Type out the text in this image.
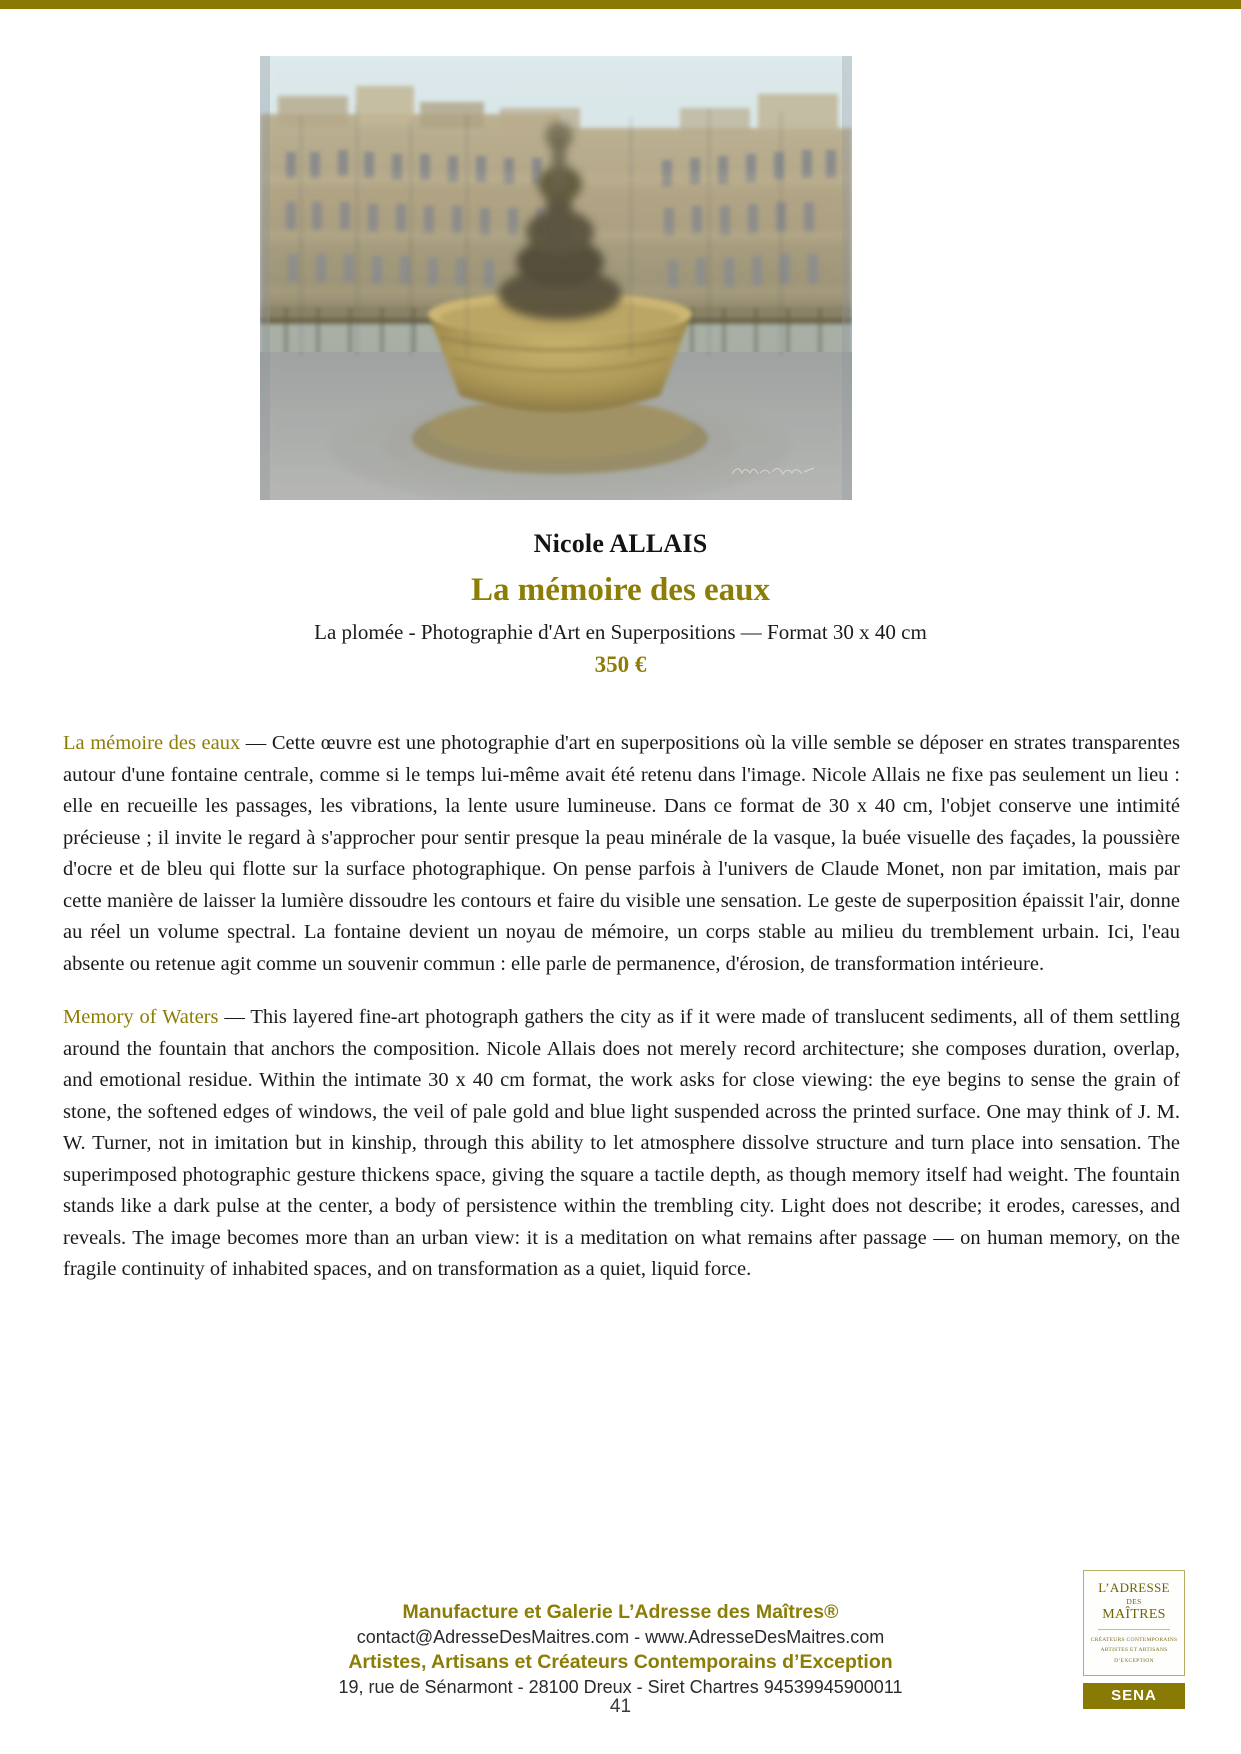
Nicole ALLAIS

La mémoire des eaux

La plomée - Photographie d'Art en Superpositions — Format 30 x 40 cm

350 €

La mémoire des eaux — Cette œuvre est une photographie d'art en superpositions où la ville semble se déposer en strates transparentes autour d'une fontaine centrale, comme si le temps lui-même avait été retenu dans l'image. Nicole Allais ne fixe pas seulement un lieu : elle en recueille les passages, les vibrations, la lente usure lumineuse. Dans ce format de 30 x 40 cm, l'objet conserve une intimité précieuse ; il invite le regard à s'approcher pour sentir presque la peau minérale de la vasque, la buée visuelle des façades, la poussière d'ocre et de bleu qui flotte sur la surface photographique. On pense parfois à l'univers de Claude Monet, non par imitation, mais par cette manière de laisser la lumière dissoudre les contours et faire du visible une sensation. Le geste de superposition épaissit l'air, donne au réel un volume spectral. La fontaine devient un noyau de mémoire, un corps stable au milieu du tremblement urbain. Ici, l'eau absente ou retenue agit comme un souvenir commun : elle parle de permanence, d'érosion, de transformation intérieure.

Memory of Waters — This layered fine-art photograph gathers the city as if it were made of translucent sediments, all of them settling around the fountain that anchors the composition. Nicole Allais does not merely record architecture; she composes duration, overlap, and emotional residue. Within the intimate 30 x 40 cm format, the work asks for close viewing: the eye begins to sense the grain of stone, the softened edges of windows, the veil of pale gold and blue light suspended across the printed surface. One may think of J. M. W. Turner, not in imitation but in kinship, through this ability to let atmosphere dissolve structure and turn place into sensation. The superimposed photographic gesture thickens space, giving the square a tactile depth, as though memory itself had weight. The fountain stands like a dark pulse at the center, a body of persistence within the trembling city. Light does not describe; it erodes, caresses, and reveals. The image becomes more than an urban view: it is a meditation on what remains after passage — on human memory, on the fragile continuity of inhabited spaces, and on transformation as a quiet, liquid force.

Manufacture et Galerie L’Adresse des Maîtres®

contact@AdresseDesMaitres.com - www.AdresseDesMaitres.com

Artistes, Artisans et Créateurs Contemporains d’Exception

19, rue de Sénarmont - 28100 Dreux - Siret Chartres 94539945900011

41
L’ADRESSE
DES
MAÎTRES
CRÉATEURS CONTEMPORAINS
ARTISTES ET ARTISANS
D’EXCEPTION
SENA
